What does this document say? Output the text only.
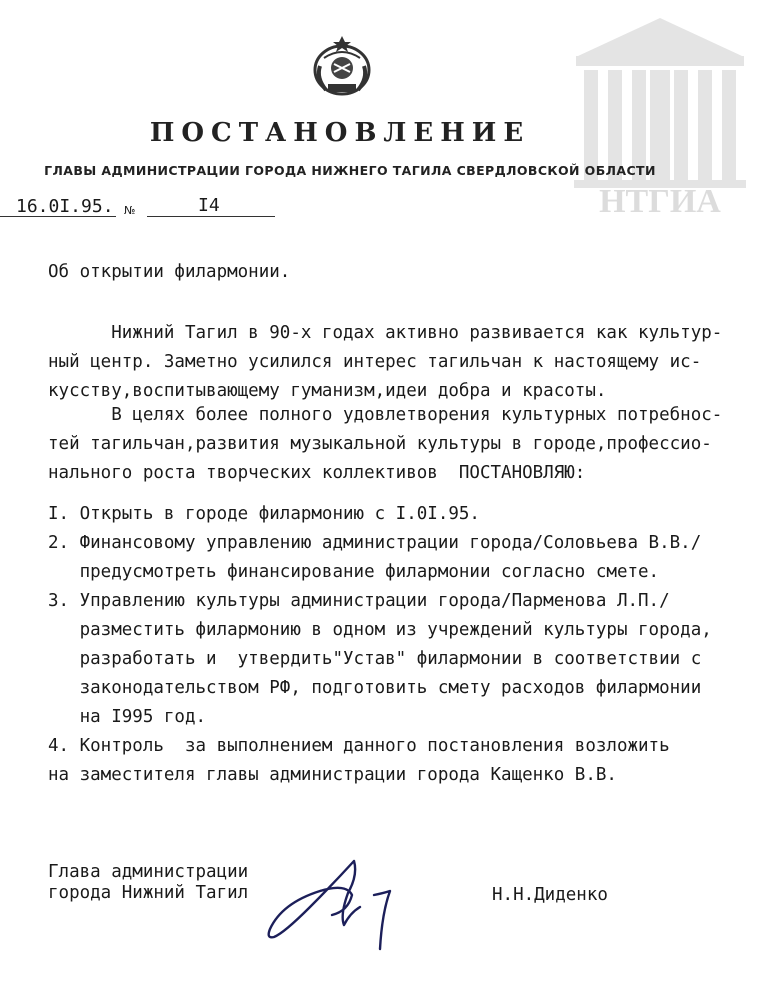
НТГИА
ПОСТАНОВЛЕНИЕ
ГЛАВЫ АДМИНИСТРАЦИИ ГОРОДА НИЖНЕГО ТАГИЛА СВЕРДЛОВСКОЙ ОБЛАСТИ
16.0I.95. №	I4
Об открытии филармонии.
Нижний Тагил в 90-х годах активно развивается как культур-
ный центр. Заметно усилился интерес тагильчан к настоящему ис-
кусству,воспитывающему гуманизм,идеи добра и красоты.
В целях более полного удовлетворения культурных потребнос-
тей тагильчан,развития музыкальной культуры в городе,профессио-
нального роста творческих коллективов  ПОСТАНОВЛЯЮ:
I. Открыть в городе филармонию с I.0I.95.
2. Финансовому управлению администрации города/Соловьева В.В./
предусмотреть финансирование филармонии согласно смете.
3. Управлению культуры администрации города/Парменова Л.П./
разместить филармонию в одном из учреждений культуры города,
разработать и  утвердить"Устав" филармонии в соответствии с
законодательством РФ, подготовить смету расходов филармонии
на I995 год.
4. Контроль  за выполнением данного постановления возложить
на заместителя главы администрации города Кащенко В.В.
Глава администрации
города Нижний Тагил	Н.Н.Диденко
